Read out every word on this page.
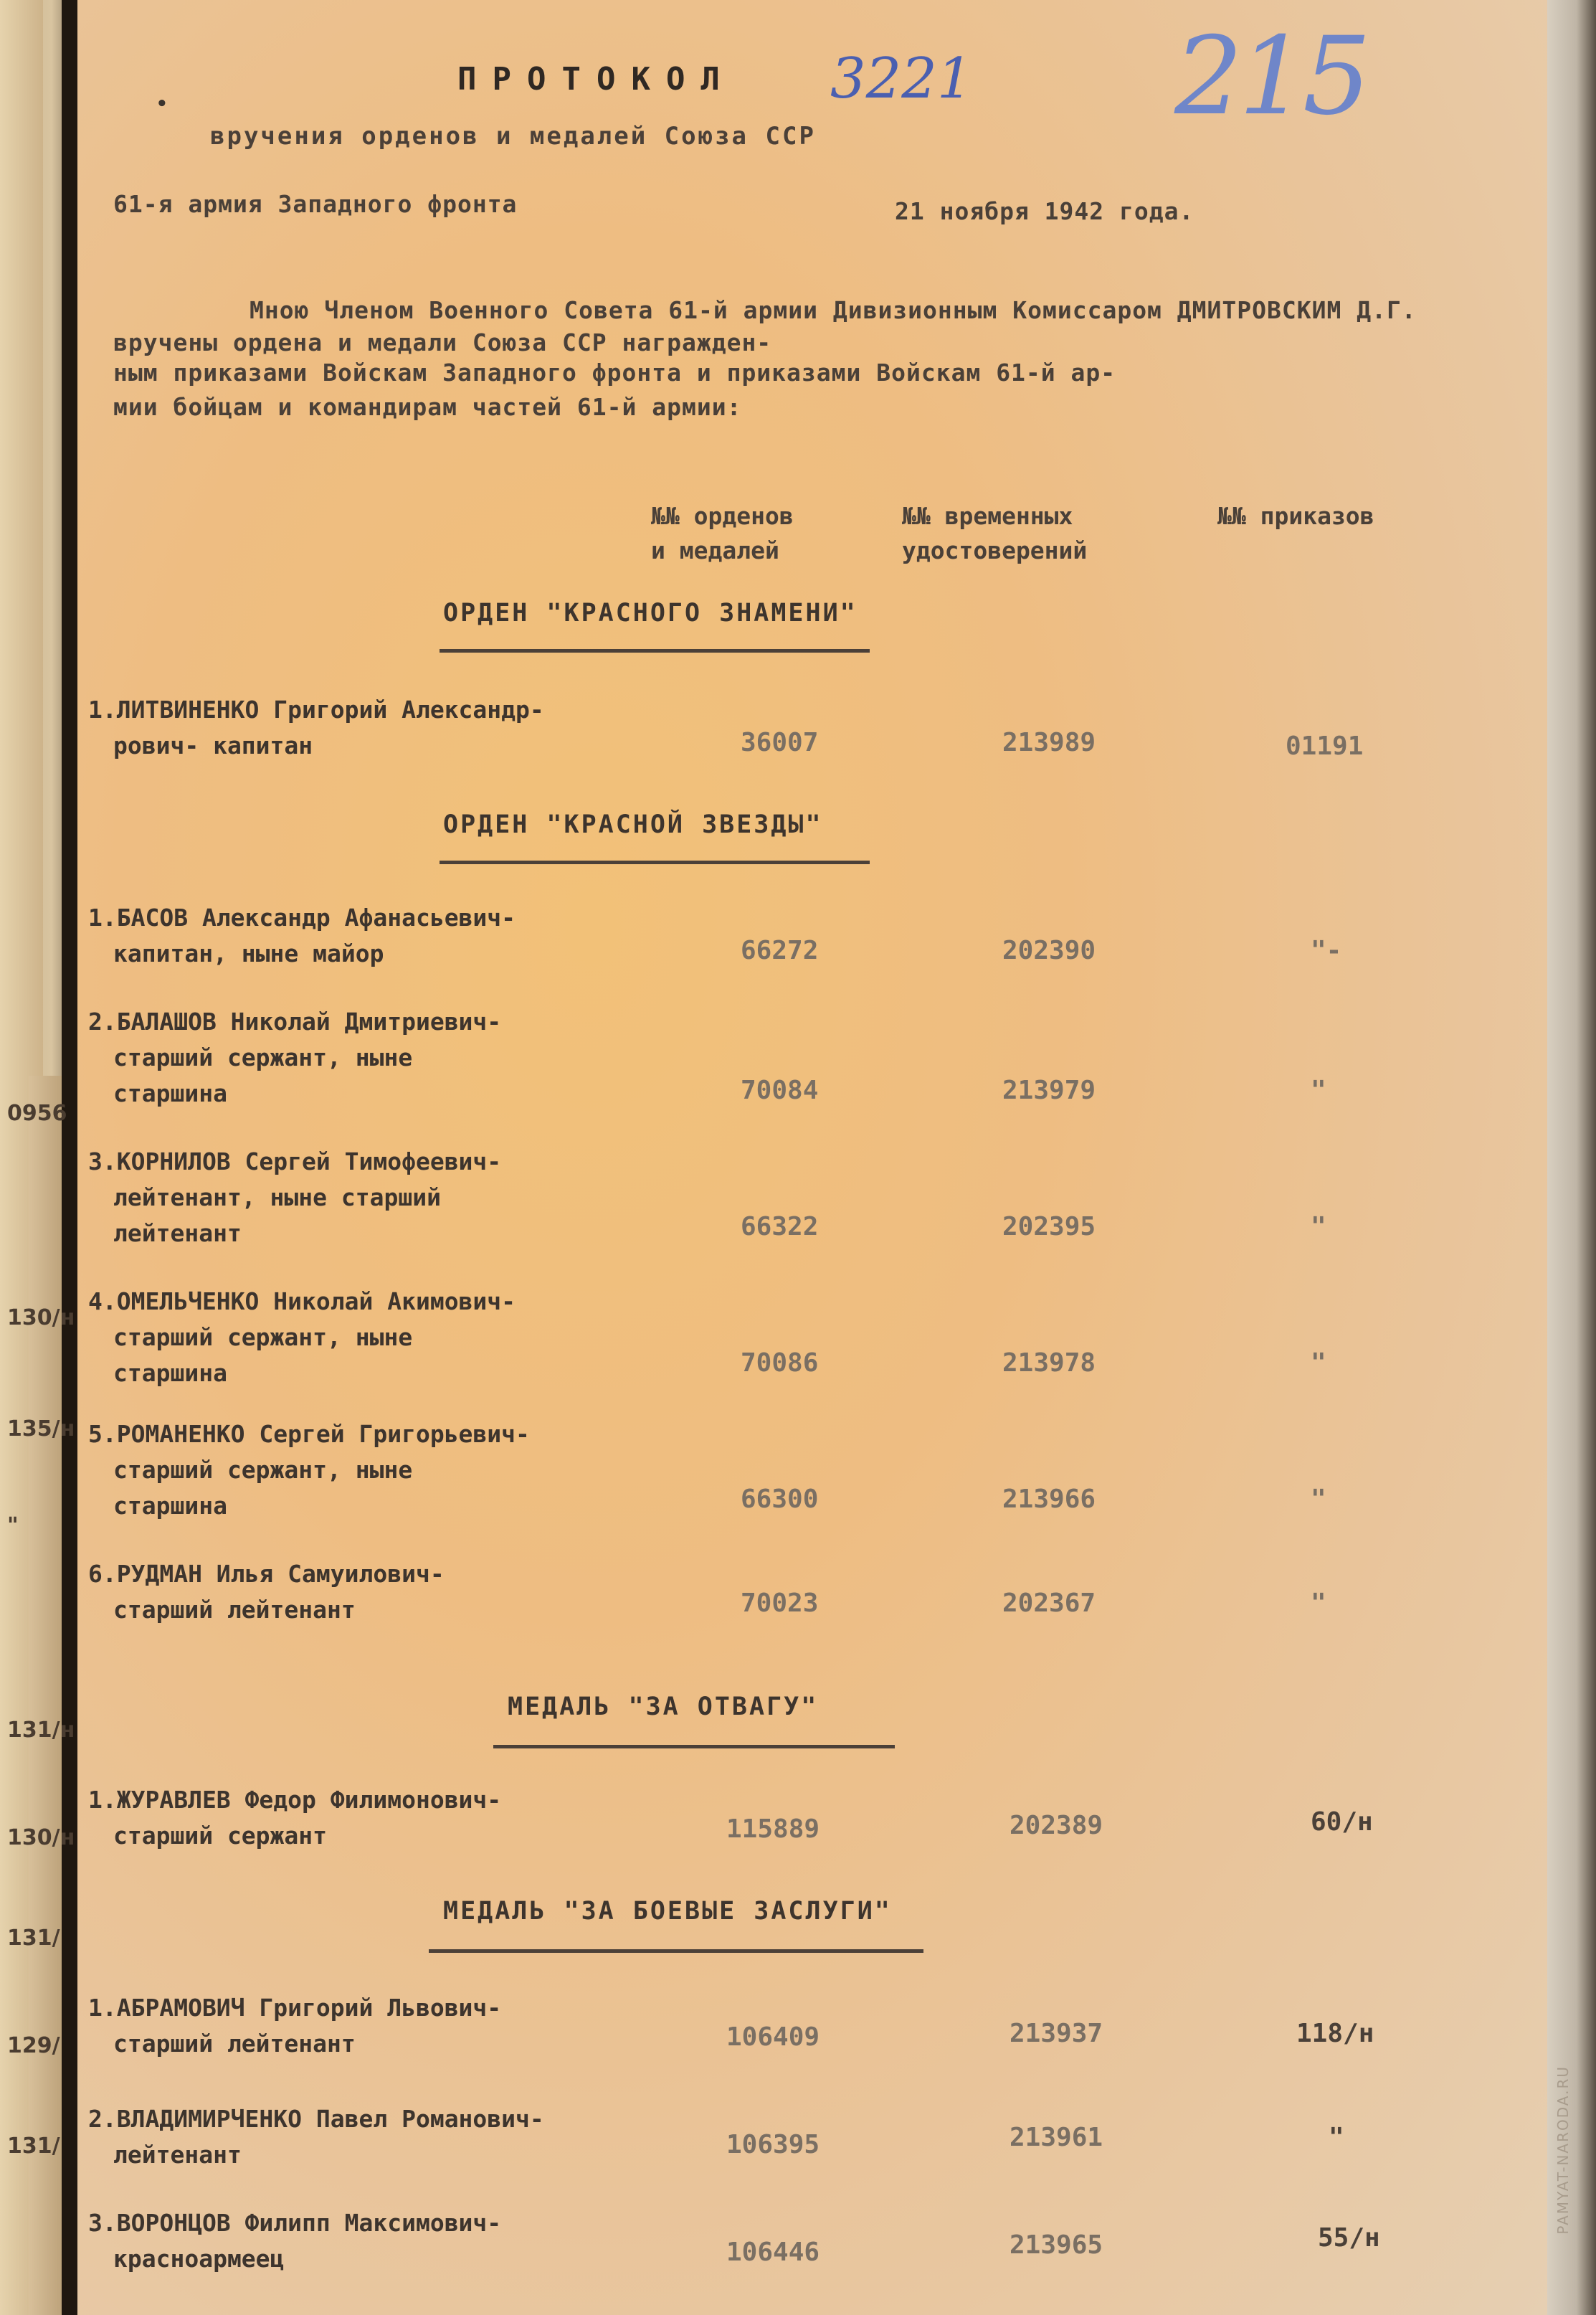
0956
130/н
135/н
"
131/н
130/н
131/
129/
131/
ПРОТОКОЛ 3221 215
•
вручения орденов и медалей Союза ССР
61-я армия Западного фронта	21 ноября 1942 года.
Мною Членом Военного Совета 61-й армии Дивизионным Комиссаром ДМИТРОВСКИМ Д.Г. вручены ордена и медали Союза ССР награжден-
ным приказами Войскам Западного фронта и приказами Войскам 61-й ар-
мии бойцам и командирам частей 61-й армии:
№№ орденов
и медалей
№№ временных
удостоверений
№№ приказов
ОРДЕН "КРАСНОГО ЗНАМЕНИ"
1.ЛИТВИНЕНКО Григорий Александр-
рович- капитан	36007	213989	01191
ОРДЕН "КРАСНОЙ ЗВЕЗДЫ"
1.БАСОВ Александр Афанасьевич-
капитан, ныне майор	66272	202390	"-
2.БАЛАШОВ Николай Дмитриевич-
старший сержант, ныне
старшина	70084	213979	"
3.КОРНИЛОВ Сергей Тимофеевич-
лейтенант, ныне старший
лейтенант	66322	202395	"
4.ОМЕЛЬЧЕНКО Николай Акимович-
старший сержант, ныне
старшина	70086	213978	"
5.РОМАНЕНКО Сергей Григорьевич-
старший сержант, ныне
старшина	66300	213966	"
6.РУДМАН Илья Самуилович-
старший лейтенант	70023	202367	"
МЕДАЛЬ "ЗА ОТВАГУ"
1.ЖУРАВЛЕВ Федор Филимонович-
старший сержант	115889	202389	60/н
МЕДАЛЬ "ЗА БОЕВЫЕ ЗАСЛУГИ"
1.АБРАМОВИЧ Григорий Львович-
старший лейтенант	106409	213937	118/н
2.ВЛАДИМИРЧЕНКО Павел Романович-
лейтенант	106395	213961	"
3.ВОРОНЦОВ Филипп Максимович-
красноармеец	106446	213965	55/н
PAMYAT-NARODA.RU
